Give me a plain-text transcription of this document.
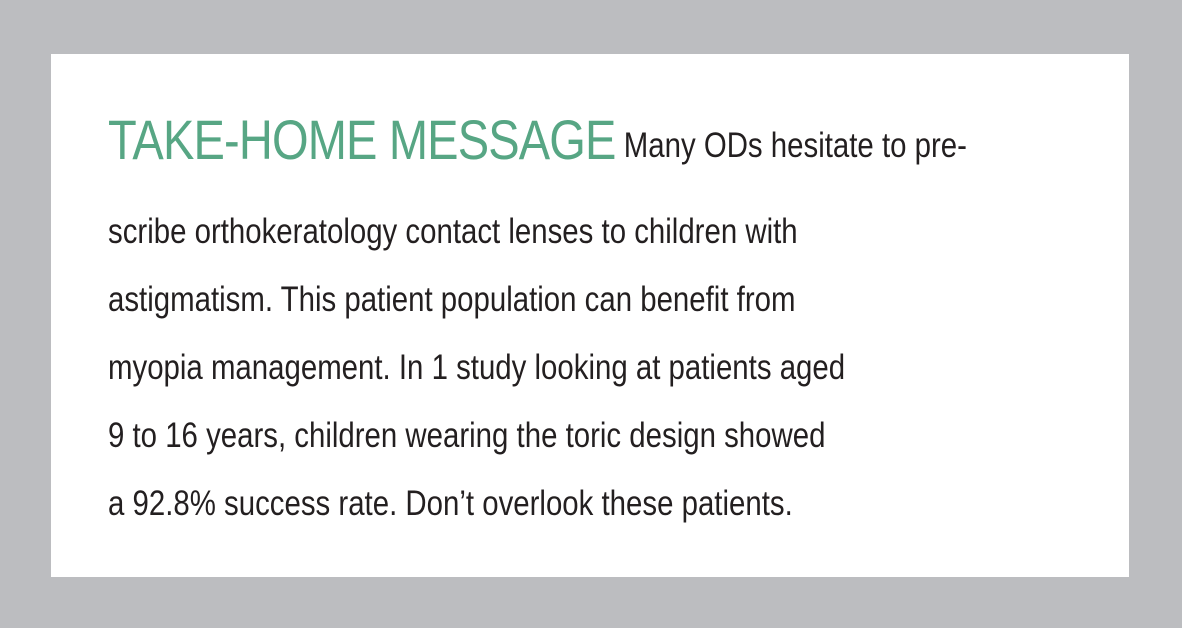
TAKE-HOME MESSAGE Many ODs hesitate to pre-
scribe orthokeratology contact lenses to children with
astigmatism. This patient population can benefit from
myopia management. In 1 study looking at patients aged
9 to 16 years, children wearing the toric design showed
a 92.8% success rate. Don’t overlook these patients.
